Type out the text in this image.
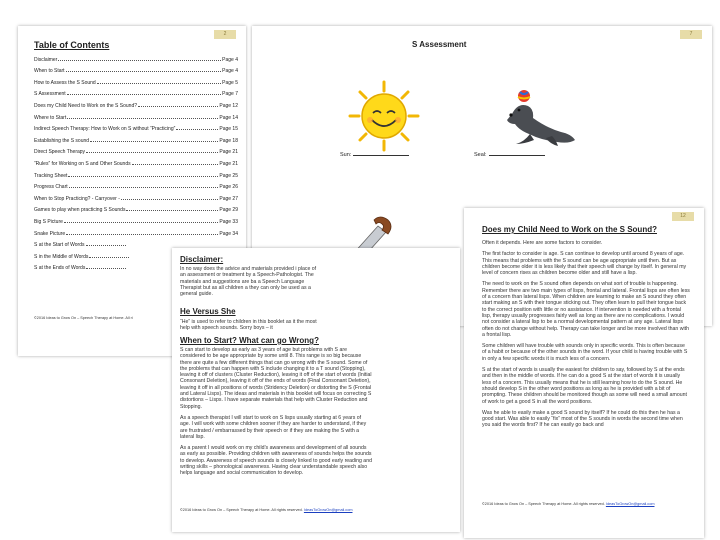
2
Table of Contents
Disclaimer	Page 4
When to Start	Page 4
How to Assess the S Sound	Page 5
S Assessment	Page 7
Does my Child Need to Work on the S Sound?	Page 12
Where to Start	Page 14
Indirect Speech Therapy: How to Work on S without “Practicing”	Page 15
Establishing the S sound	Page 18
Direct Speech Therapy	Page 21
“Rules” for Working on S and Other Sounds	Page 21
Tracking Sheet	Page 25
Progress Chart	Page 26
When to Stop Practicing? - Carryover -	Page 27
Games to play when practicing S Sounds	Page 29
Big S Picture	Page 33
Snake Picture	Page 34
S at the Start of Words
S in the Middle of Words
S at the Ends of Words
©2016 Ideas to Grow On – Speech Therapy at Home. All ri
7
S Assessment
Sun:	Seal:
Disclaimer:
In no way does the advice and materials provided i place of an assessment or treatment by a Speech-Pathologist. The materials and suggestions are ba a Speech Language Therapist but as all children a they can only be used as a general guide.
He Versus She
“He” is used to refer to children in this booklet as it the most help with speech sounds. Sorry boys – it
When to Start? What can go Wrong?

S can start to develop as early as 3 years of age but problems with S are considered to be age appropriate by some until 8. This range is so big because there are quite a few different things that can go wrong with the S sound. Some of the problems that can happen with S include changing it to a T sound (Stopping), leaving it off of clusters (Cluster Reduction), leaving it off of the start of words (Initial Consonant Deletion), leaving it off of the ends of words (Final Consonant Deletion), leaving it off in all positions of words (Stridency Deletion) or distorting the S (Frontal and Lateral Lisps). The ideas and materials in this booklet will focus on correcting S distortions – Lisps. I have separate materials that help with Cluster Reduction and Stopping.

As a speech therapist I will start to work on S lisps usually starting at 6 years of age. I will work with some children sooner if they are harder to understand, if they are frustrated / embarrassed by their speech or if they are making the S with a lateral lisp.

As a parent I would work on my child’s awareness and development of all sounds as early as possible. Providing children with awareness of sounds helps the sounds to develop. Awareness of speech sounds is closely linked to good early reading and writing skills – phonological awareness. Having clear understandable speech also helps language and social communication to develop.

©2016 Ideas to Grow On – Speech Therapy at Home. All rights reserved. IdeasToGrowOn@gmail.com
12
Does my Child Need to Work on the S Sound?

Often it depends. Here are some factors to consider.

The first factor to consider is age. S can continue to develop until around 8 years of age. This means that problems with the S sound can be age appropriate until then. But as children become older it is less likely that their speech will change by itself. In general my level of concern rises as children become older and still have a lisp.

The need to work on the S sound often depends on what sort of trouble is happening. Remember there are two main types of lisps, frontal and lateral. Frontal lisps are often less of a concern than lateral lisps. When children are learning to make an S sound they often start making an S with their tongue sticking out. They often learn to pull their tongue back to the correct position with little or no assistance. If intervention is needed with a frontal lisp, therapy usually progresses fairly well as long as there are no complications. I would not consider a lateral lisp to be a normal developmental pattern at any age. Lateral lisps often do not change without help. Therapy can take longer and be more involved than with a frontal lisp.

Some children will have trouble with sounds only in specific words. This is often because of a habit or because of the other sounds in the word. If your child is having trouble with S in only a few specific words it is much less of a concern.

S at the start of words is usually the easiest for children to say, followed by S at the ends and then in the middle of words. If he can do a good S at the start of words it is usually less of a concern. This usually means that he is still learning how to do the S sound. He should develop S in the other word positions as long as he is provided with a bit of prompting. These children should be monitored though as some will need a small amount of work to get a good S in all the word positions.

Was he able to easily make a good S sound by itself? If he could do this then he has a good start. Was able to easily “fix” most of the S sounds in words the second time when you said the words first? If he can easily go back and

©2016 Ideas to Grow On – Speech Therapy at Home. All rights reserved. IdeasToGrowOn@gmail.com
